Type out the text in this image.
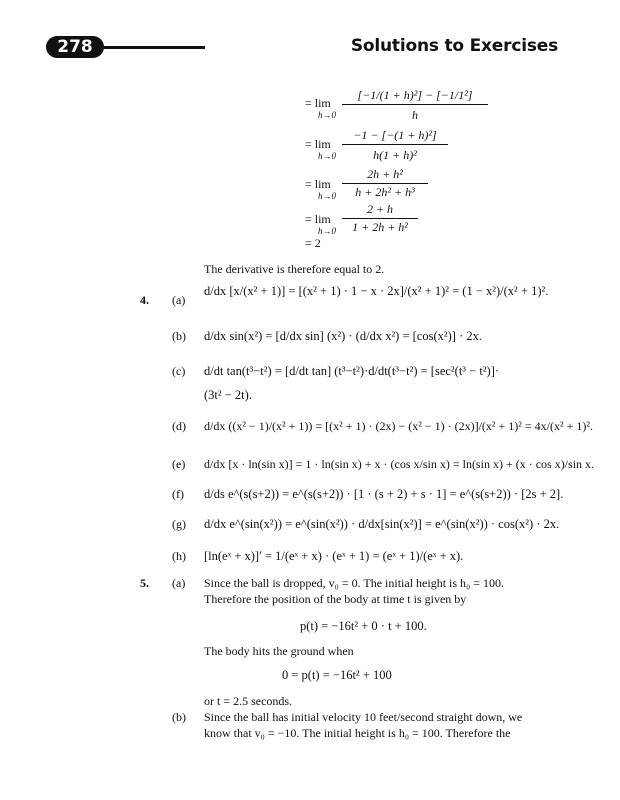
278	Solutions to Exercises
= lim
h→0
[−1/(1 + h)²] − [−1/1²]
h
= lim
h→0
−1 − [−(1 + h)²]
h(1 + h)²
= lim
h→0
2h + h²
h + 2h² + h³
= lim
h→0
2 + h
1 + 2h + h²
= 2
The derivative is therefore equal to 2.
4. (a)
d/dx [x/(x² + 1)] = [(x² + 1) · 1 − x · 2x]/(x² + 1)² = (1 − x²)/(x² + 1)².
(b) d/dx sin(x²) = [d/dx sin] (x²) · (d/dx x²) = [cos(x²)] · 2x.
(c) d/dt tan(t³−t²) = [d/dt tan] (t³−t²)·d/dt(t³−t²) = [sec²(t³ − t²)]·
(3t² − 2t).
(d) d/dx ((x² − 1)/(x² + 1)) = [(x² + 1) · (2x) − (x² − 1) · (2x)]/(x² + 1)² = 4x/(x² + 1)².
(e) d/dx [x · ln(sin x)] = 1 · ln(sin x) + x · (cos x/sin x) = ln(sin x) + (x · cos x)/sin x.
(f) d/ds e^(s(s+2)) = e^(s(s+2)) · [1 · (s + 2) + s · 1] = e^(s(s+2)) · [2s + 2].
(g) d/dx e^(sin(x²)) = e^(sin(x²)) · d/dx[sin(x²)] = e^(sin(x²)) · cos(x²) · 2x.
(h) [ln(eˣ + x)]′ = 1/(eˣ + x) · (eˣ + 1) = (eˣ + 1)/(eˣ + x).
5. (a) Since the ball is dropped, v₀ = 0. The initial height is h₀ = 100.
Therefore the position of the body at time t is given by
p(t) = −16t² + 0 · t + 100.
The body hits the ground when
0 = p(t) = −16t² + 100
or t = 2.5 seconds.
(b) Since the ball has initial velocity 10 feet/second straight down, we
know that v₀ = −10. The initial height is h₀ = 100. Therefore the
